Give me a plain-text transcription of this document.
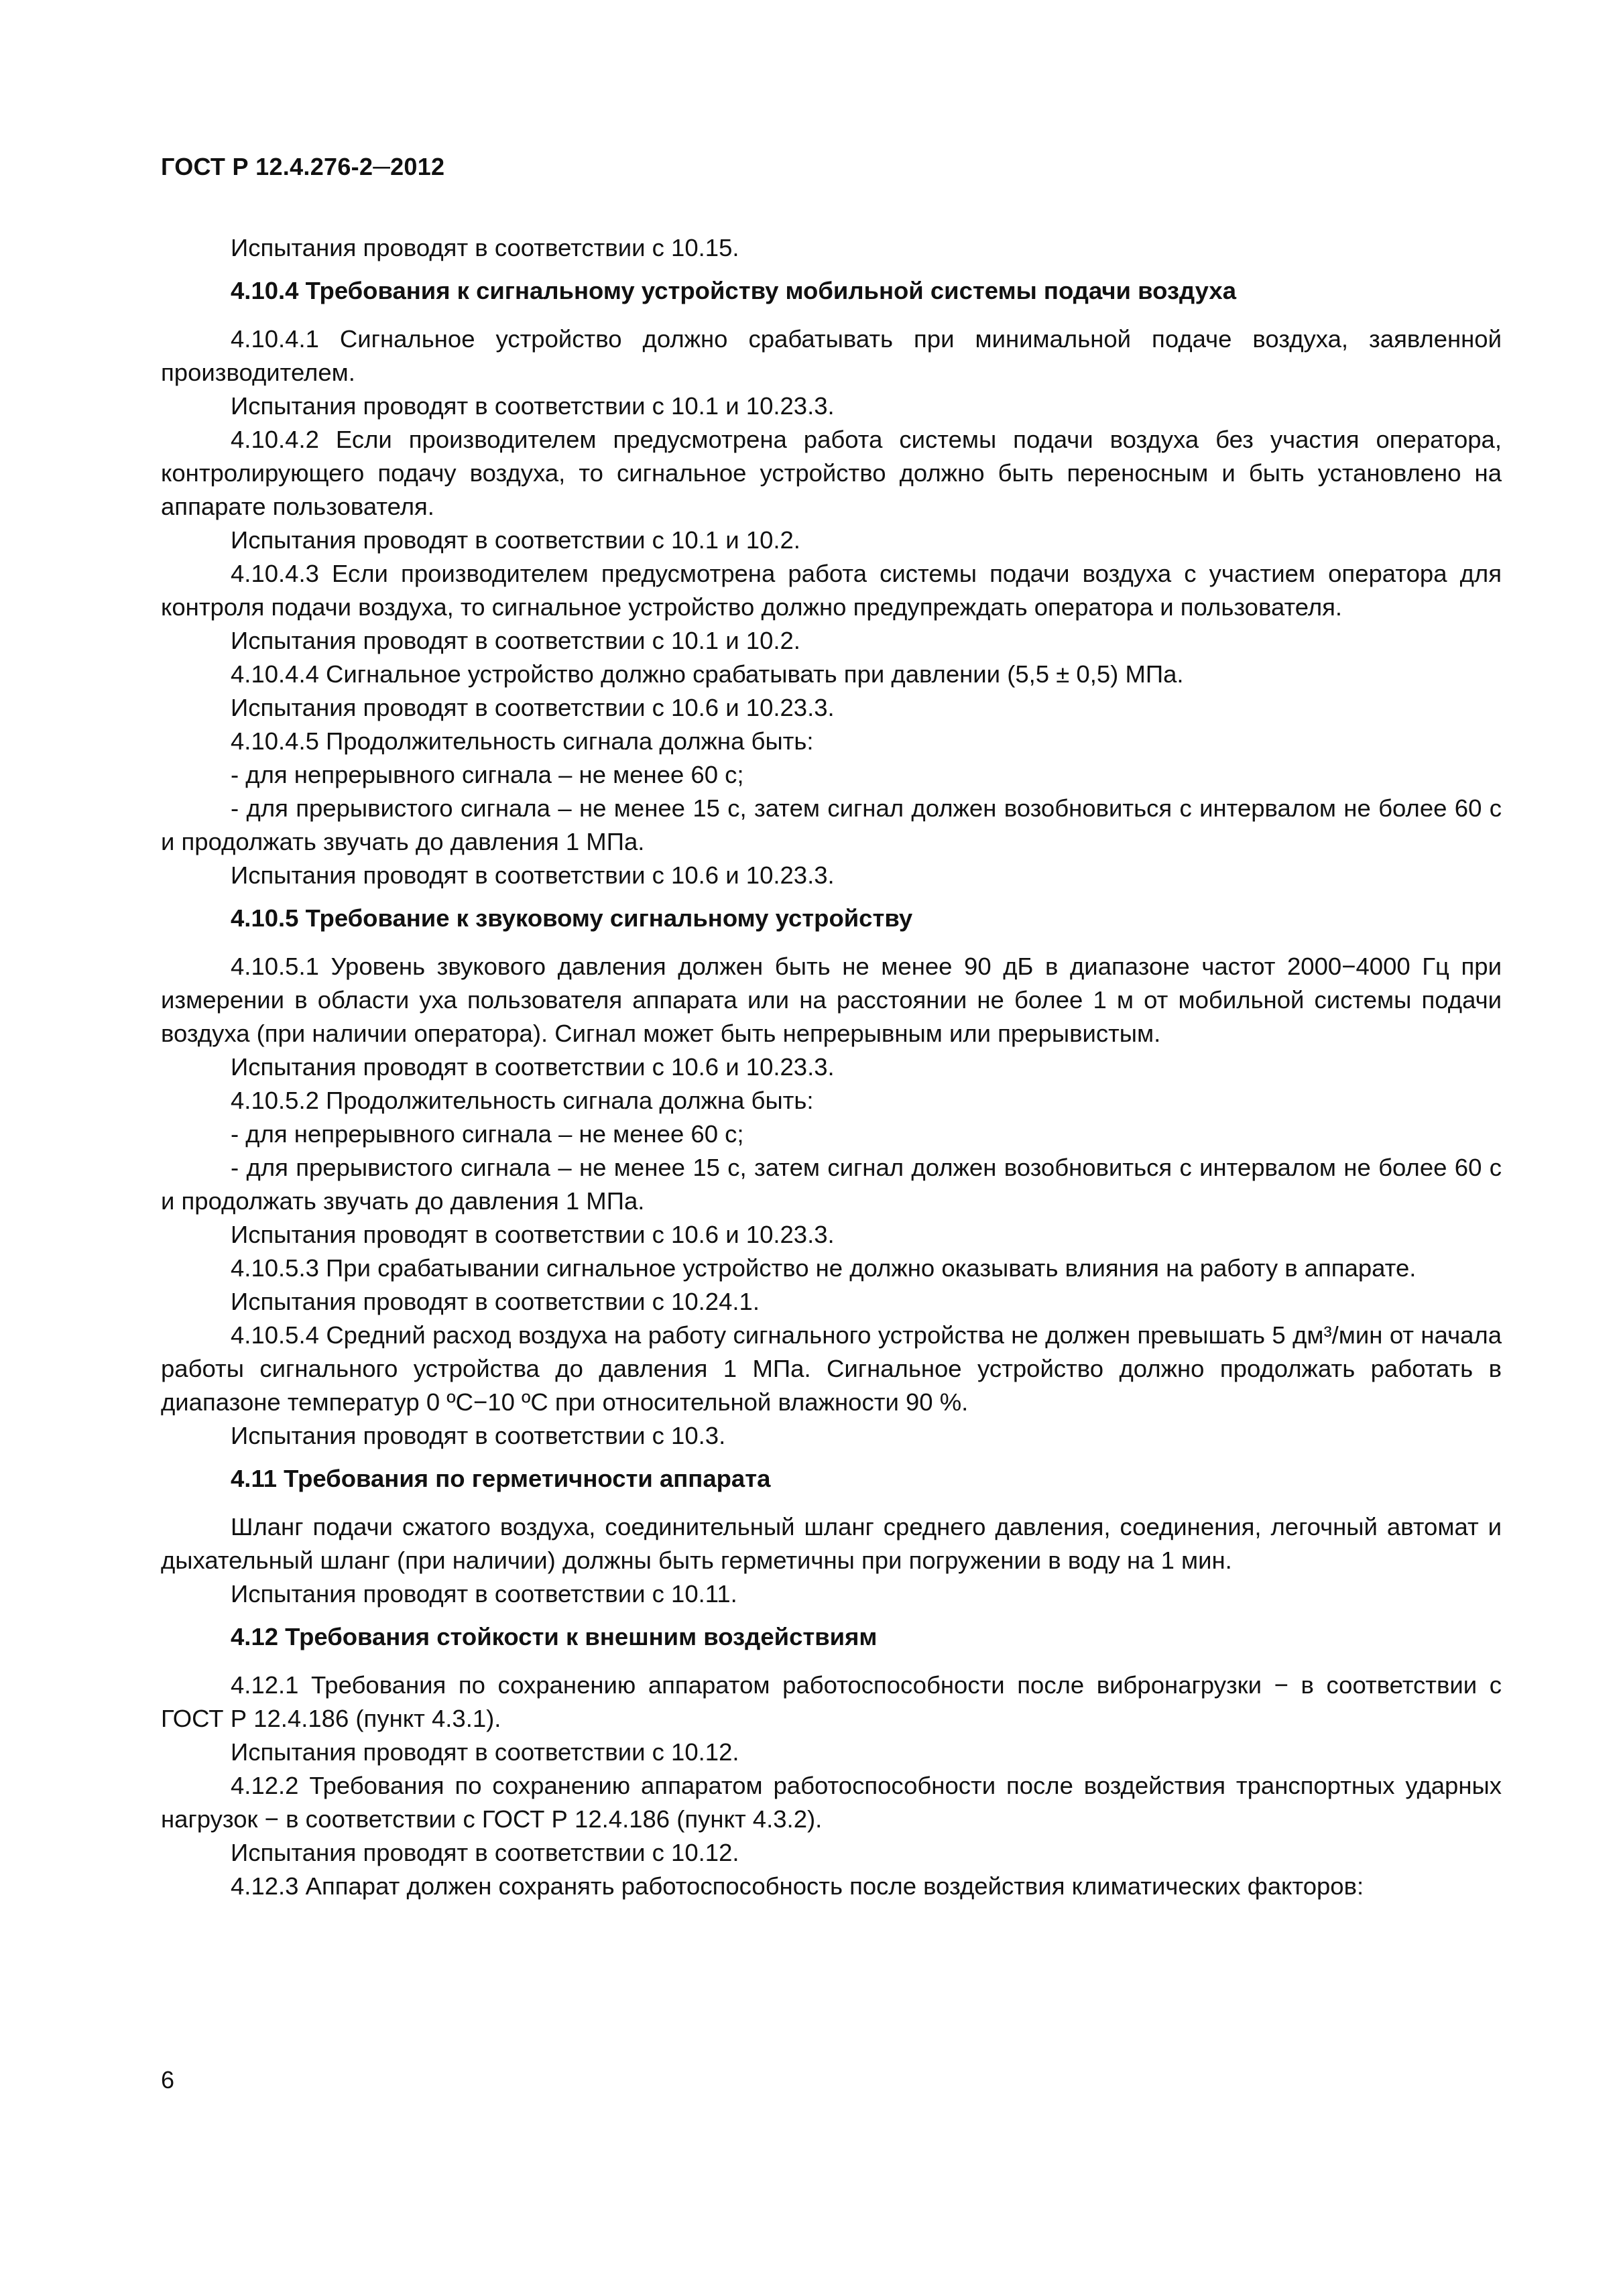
ГОСТ Р 12.4.276-2─2012

Испытания проводят в соответствии с 10.15.

4.10.4 Требования к сигнальному устройству мобильной системы подачи воздуха

4.10.4.1 Сигнальное устройство должно срабатывать при минимальной подаче воздуха, заявленной производителем.

Испытания проводят в соответствии с 10.1 и 10.23.3.

4.10.4.2 Если производителем предусмотрена работа системы подачи воздуха без участия оператора, контролирующего подачу воздуха, то сигнальное устройство должно быть переносным и быть установлено на аппарате пользователя.

Испытания проводят в соответствии с 10.1 и 10.2.

4.10.4.3 Если производителем предусмотрена работа системы подачи воздуха с участием оператора для контроля подачи воздуха, то сигнальное устройство должно предупреждать оператора и пользователя.

Испытания проводят в соответствии с 10.1 и 10.2.

4.10.4.4 Сигнальное устройство должно срабатывать при давлении (5,5 ± 0,5) МПа.

Испытания проводят в соответствии с 10.6 и 10.23.3.

4.10.4.5 Продолжительность сигнала должна быть:

- для непрерывного сигнала – не менее 60 с;

- для прерывистого сигнала – не менее 15 с, затем сигнал должен возобновиться с интервалом не более 60 с и продолжать звучать до давления 1 МПа.

Испытания проводят в соответствии с 10.6 и 10.23.3.

4.10.5 Требование к звуковому сигнальному устройству

4.10.5.1 Уровень звукового давления должен быть не менее 90 дБ в диапазоне частот 2000−4000 Гц при измерении в области уха пользователя аппарата или на расстоянии не более 1 м от мобильной системы подачи воздуха (при наличии оператора). Сигнал может быть непрерывным или прерывистым.

Испытания проводят в соответствии с 10.6 и 10.23.3.

4.10.5.2 Продолжительность сигнала должна быть:

- для непрерывного сигнала – не менее 60 с;

- для прерывистого сигнала – не менее 15 с, затем сигнал должен возобновиться с интервалом не более 60 с и продолжать звучать до давления 1 МПа.

Испытания проводят в соответствии с 10.6 и 10.23.3.

4.10.5.3 При срабатывании сигнальное устройство не должно оказывать влияния на работу в аппарате.

Испытания проводят в соответствии с 10.24.1.

4.10.5.4 Средний расход воздуха на работу сигнального устройства не должен превышать 5 дм³/мин от начала работы сигнального устройства до давления 1 МПа. Сигнальное устройство должно продолжать работать в диапазоне температур 0 ºС−10 ºС при относительной влажности 90 %.

Испытания проводят в соответствии с 10.3.

4.11 Требования по герметичности аппарата

Шланг подачи сжатого воздуха, соединительный шланг среднего давления, соединения, легочный автомат и дыхательный шланг (при наличии) должны быть герметичны при погружении в воду на 1 мин.

Испытания проводят в соответствии с 10.11.

4.12 Требования стойкости к внешним воздействиям

4.12.1 Требования по сохранению аппаратом работоспособности после вибронагрузки − в соответствии с ГОСТ Р 12.4.186 (пункт 4.3.1).

Испытания проводят в соответствии с 10.12.

4.12.2 Требования по сохранению аппаратом работоспособности после воздействия транспортных ударных нагрузок − в соответствии с ГОСТ Р 12.4.186 (пункт 4.3.2).

Испытания проводят в соответствии с 10.12.

4.12.3 Аппарат должен сохранять работоспособность после воздействия климатических факторов:

6
